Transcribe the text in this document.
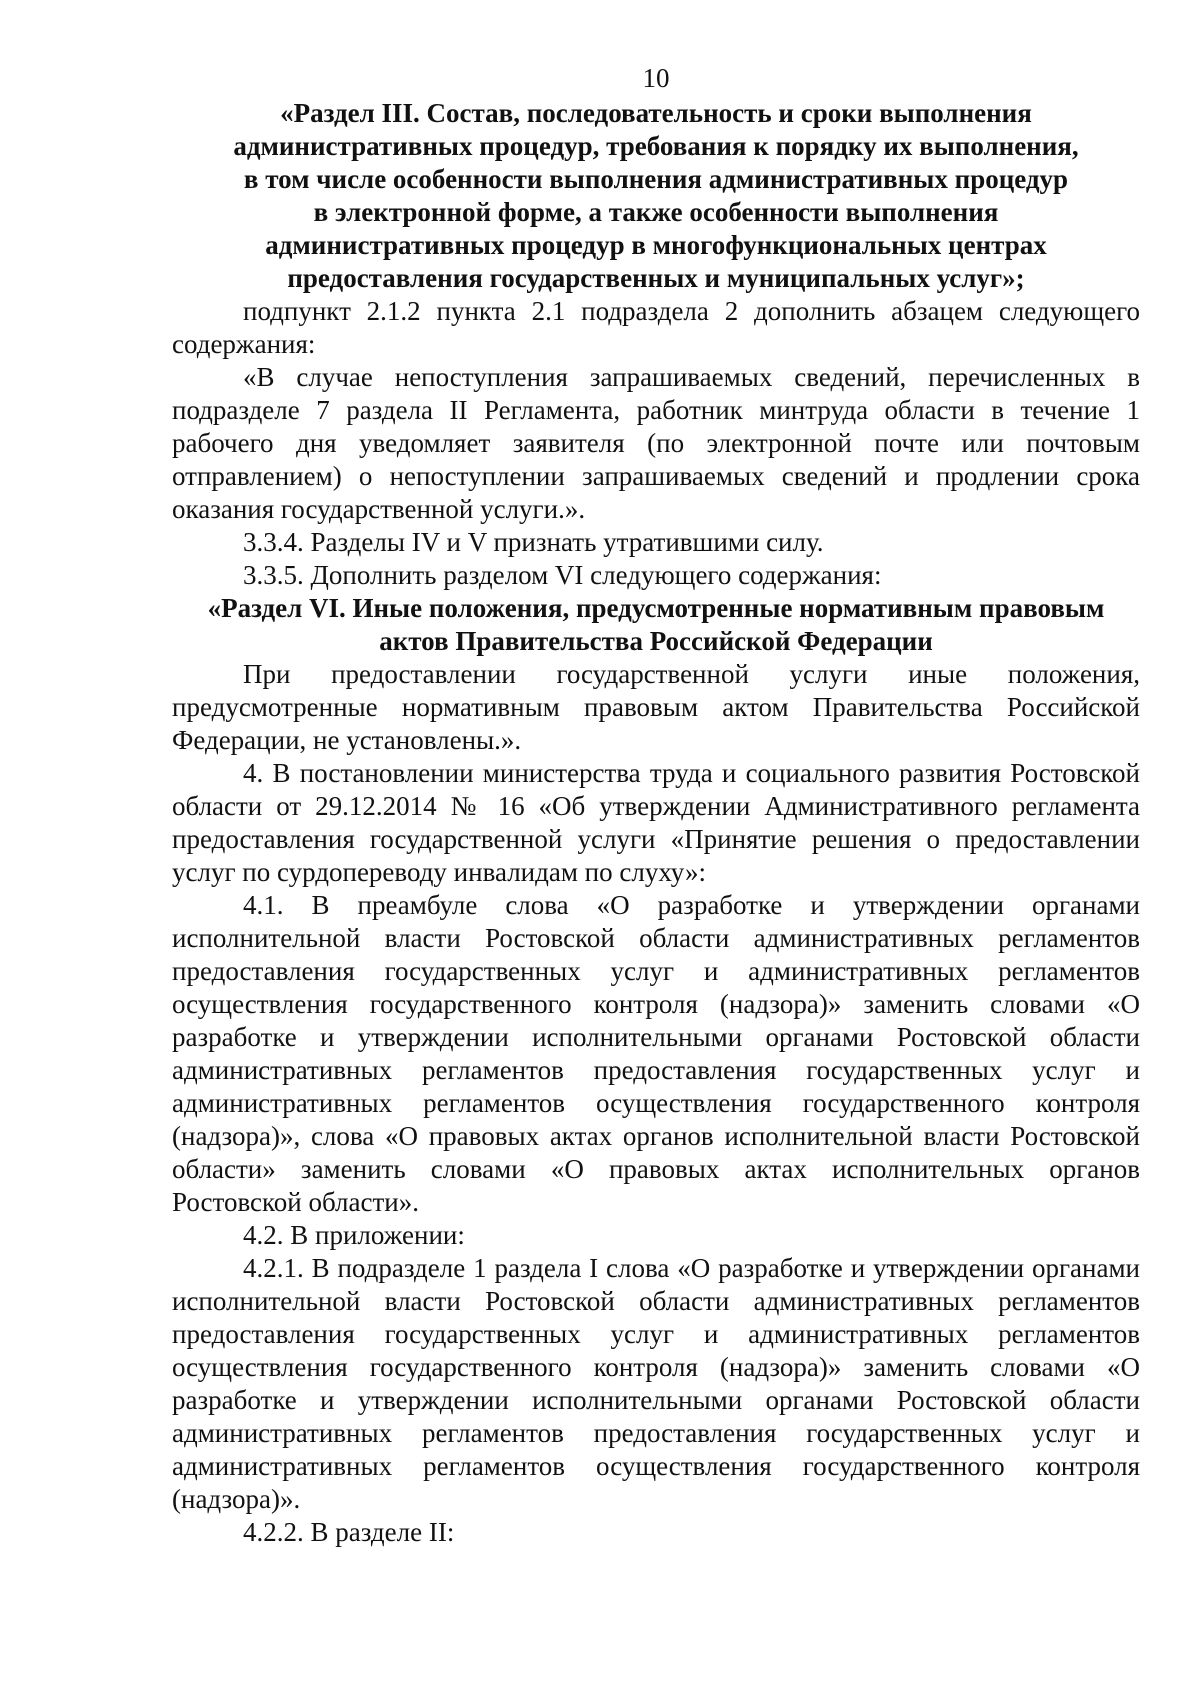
10
«Раздел III. Состав, последовательность и сроки выполнения
административных процедур, требования к порядку их выполнения,
в том числе особенности выполнения административных процедур
в электронной форме, а также особенности выполнения
административных процедур в многофункциональных центрах
предоставления государственных и муниципальных услуг»;

подпункт 2.1.2 пункта 2.1 подраздела 2 дополнить абзацем следующего содержания:

«В случае непоступления запрашиваемых сведений, перечисленных в подразделе 7 раздела II Регламента, работник минтруда области в течение 1 рабочего дня уведомляет заявителя (по электронной почте или почтовым отправлением) о непоступлении запрашиваемых сведений и продлении срока оказания государственной услуги.».

3.3.4. Разделы IV и V признать утратившими силу.

3.3.5. Дополнить разделом VI следующего содержания:

«Раздел VI. Иные положения, предусмотренные нормативным правовым
актов Правительства Российской Федерации

При предоставлении государственной услуги иные положения, предусмотренные нормативным правовым актом Правительства Российской Федерации, не установлены.».

4. В постановлении министерства труда и социального развития Ростовской области от 29.12.2014 № 16 «Об утверждении Административного регламента предоставления государственной услуги «Принятие решения о предоставлении услуг по сурдопереводу инвалидам по слуху»:

4.1. В преамбуле слова «О разработке и утверждении органами исполнительной власти Ростовской области административных регламентов предоставления государственных услуг и административных регламентов осуществления государственного контроля (надзора)» заменить словами «О разработке и утверждении исполнительными органами Ростовской области административных регламентов предоставления государственных услуг и административных регламентов осуществления государственного контроля (надзора)», слова «О правовых актах органов исполнительной власти Ростовской области» заменить словами «О правовых актах исполнительных органов Ростовской области».

4.2. В приложении:

4.2.1. В подразделе 1 раздела I слова «О разработке и утверждении органами исполнительной власти Ростовской области административных регламентов предоставления государственных услуг и административных регламентов осуществления государственного контроля (надзора)» заменить словами «О разработке и утверждении исполнительными органами Ростовской области административных регламентов предоставления государственных услуг и административных регламентов осуществления государственного контроля (надзора)».

4.2.2. В разделе II:
